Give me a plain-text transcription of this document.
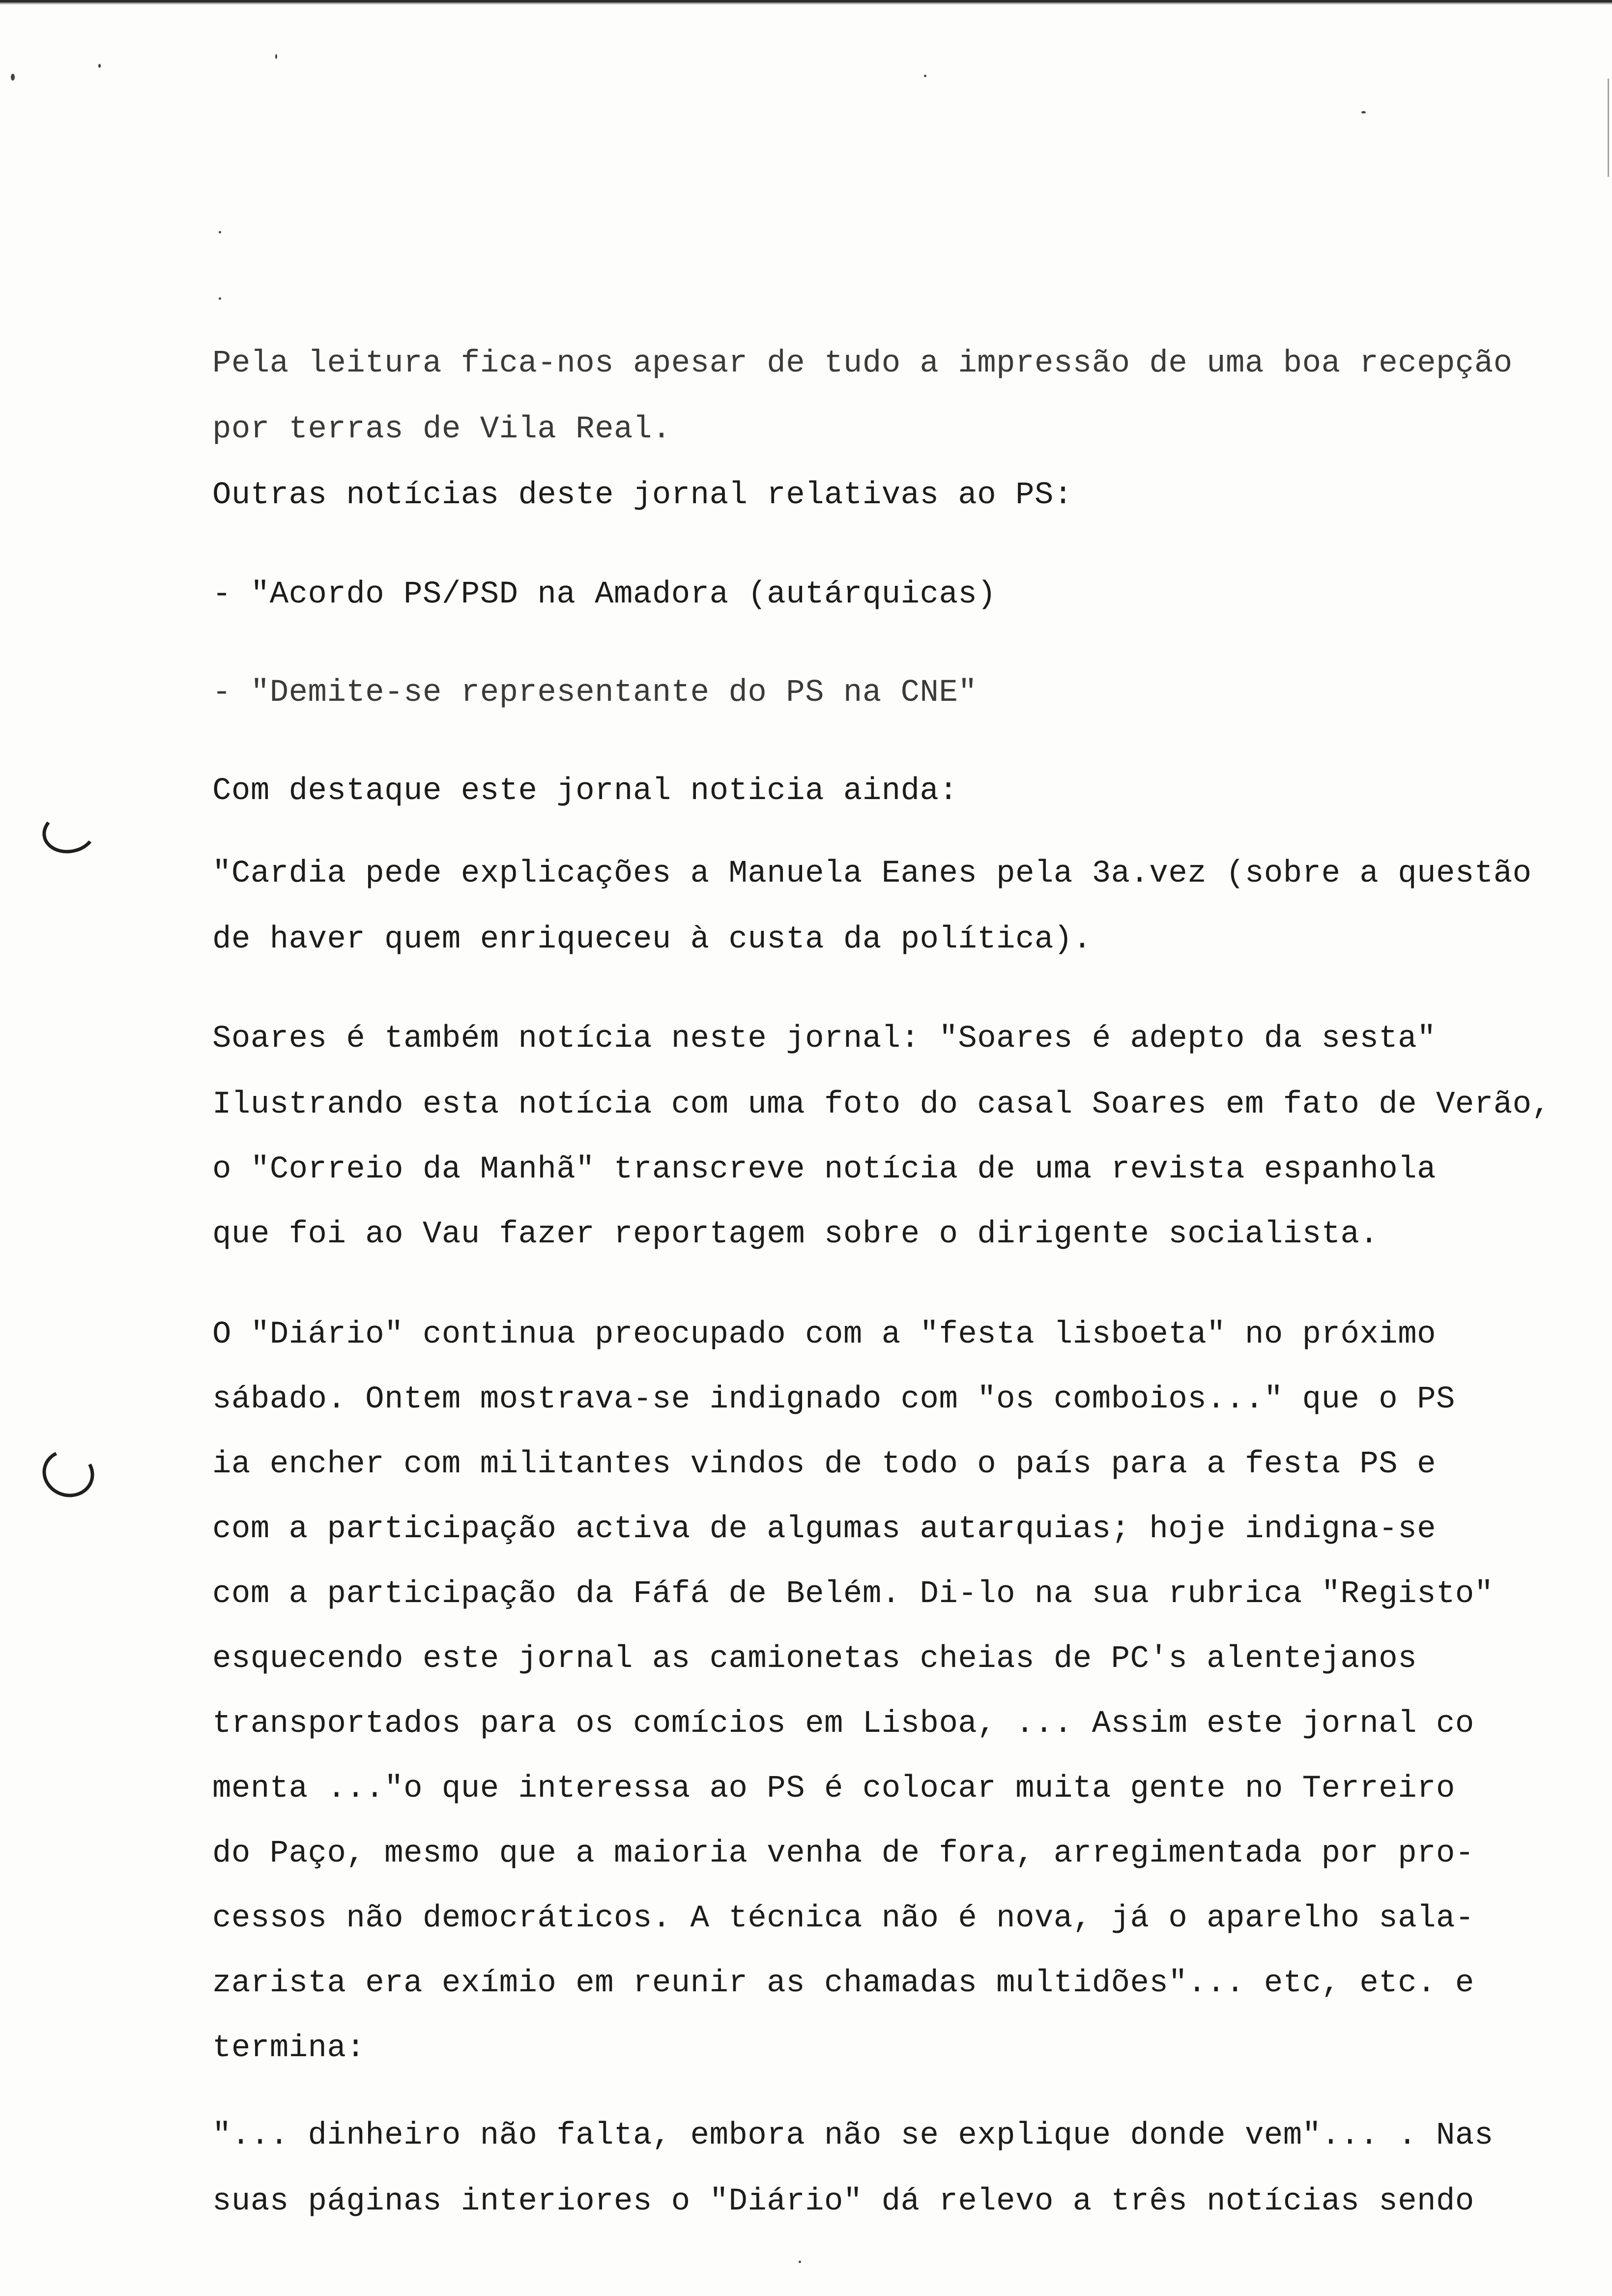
Pela leitura fica-nos apesar de tudo a impressão de uma boa recepção
por terras de Vila Real.
Outras notícias deste jornal relativas ao PS:
- "Acordo PS/PSD na Amadora (autárquicas)
- "Demite-se representante do PS na CNE"
Com destaque este jornal noticia ainda:
"Cardia pede explicações a Manuela Eanes pela 3a.vez (sobre a questão
de haver quem enriqueceu à custa da política).
Soares é também notícia neste jornal: "Soares é adepto da sesta"
Ilustrando esta notícia com uma foto do casal Soares em fato de Verão,
o "Correio da Manhã" transcreve notícia de uma revista espanhola
que foi ao Vau fazer reportagem sobre o dirigente socialista.
O "Diário" continua preocupado com a "festa lisboeta" no próximo
sábado. Ontem mostrava-se indignado com "os comboios..." que o PS
ia encher com militantes vindos de todo o país para a festa PS e
com a participação activa de algumas autarquias; hoje indigna-se
com a participação da Fáfá de Belém. Di-lo na sua rubrica "Registo"
esquecendo este jornal as camionetas cheias de PC's alentejanos
transportados para os comícios em Lisboa, ... Assim este jornal co
menta ..."o que interessa ao PS é colocar muita gente no Terreiro
do Paço, mesmo que a maioria venha de fora, arregimentada por pro-
cessos não democráticos. A técnica não é nova, já o aparelho sala-
zarista era exímio em reunir as chamadas multidões"... etc, etc. e
termina:
"... dinheiro não falta, embora não se explique donde vem"... . Nas
suas páginas interiores o "Diário" dá relevo a três notícias sendo
